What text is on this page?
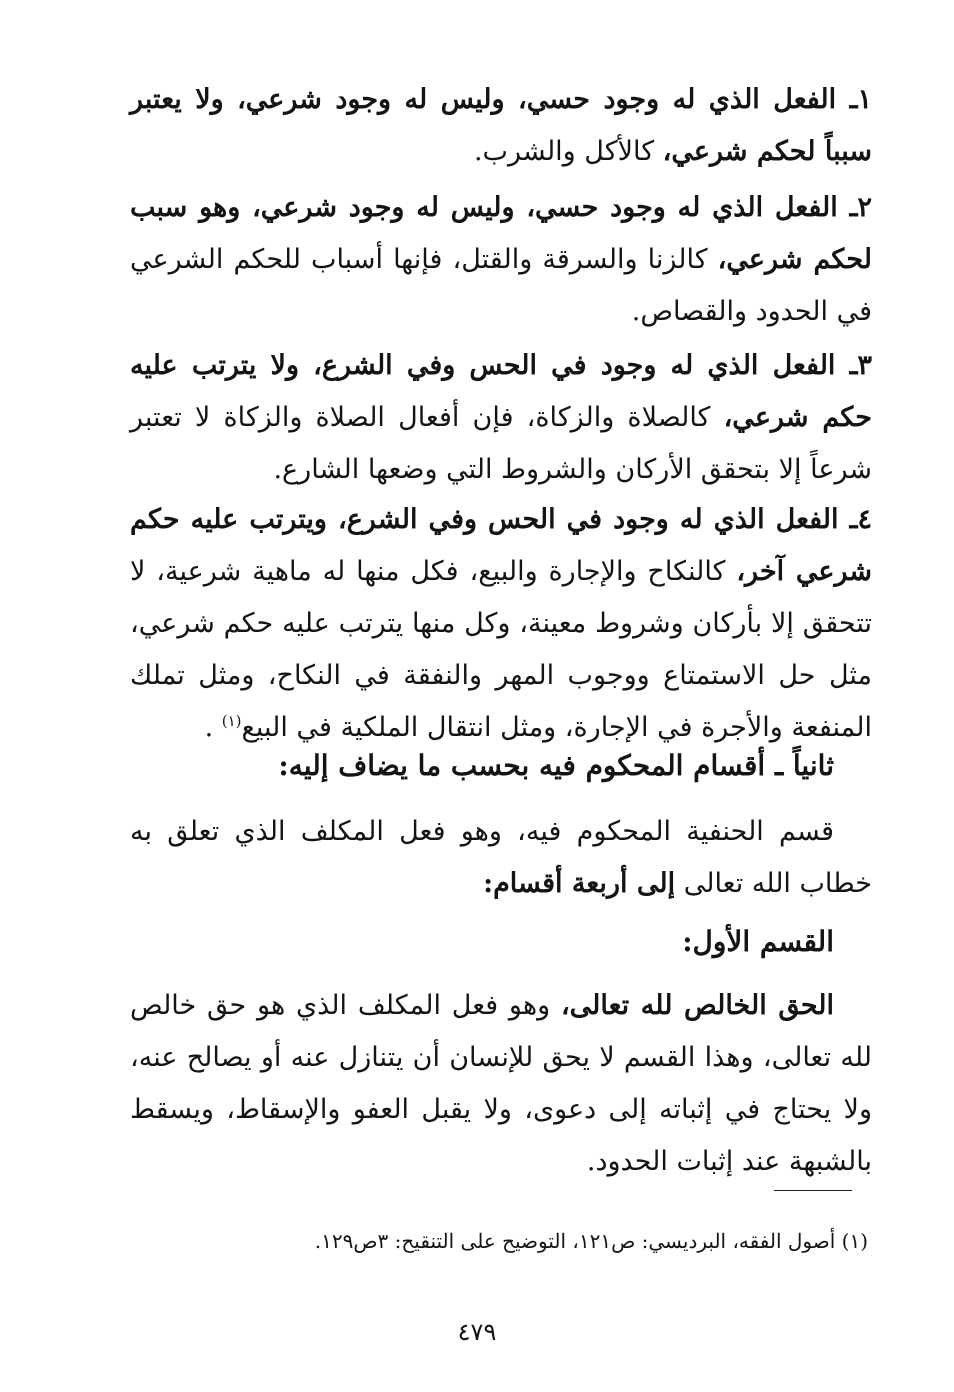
١ـ الفعل الذي له وجود حسي، وليس له وجود شرعي، ولا يعتبر سبباً لحكم شرعي، كالأكل والشرب.

٢ـ الفعل الذي له وجود حسي، وليس له وجود شرعي، وهو سبب لحكم شرعي، كالزنا والسرقة والقتل، فإنها أسباب للحكم الشرعي في الحدود والقصاص.

٣ـ الفعل الذي له وجود في الحس وفي الشرع، ولا يترتب عليه حكم شرعي، كالصلاة والزكاة، فإن أفعال الصلاة والزكاة لا تعتبر شرعاً إلا بتحقق الأركان والشروط التي وضعها الشارع.

٤ـ الفعل الذي له وجود في الحس وفي الشرع، ويترتب عليه حكم شرعي آخر، كالنكاح والإجارة والبيع، فكل منها له ماهية شرعية، لا تتحقق إلا بأركان وشروط معينة، وكل منها يترتب عليه حكم شرعي، مثل حل الاستمتاع ووجوب المهر والنفقة في النكاح، ومثل تملك المنفعة والأجرة في الإجارة، ومثل انتقال الملكية في البيع$^{(١)}$ .

ثانياً ـ أقسام المحكوم فيه بحسب ما يضاف إليه:

قسم الحنفية المحكوم فيه، وهو فعل المكلف الذي تعلق به خطاب الله تعالى إلى أربعة أقسام:

القسم الأول:

الحق الخالص لله تعالى، وهو فعل المكلف الذي هو حق خالص لله تعالى، وهذا القسم لا يحق للإنسان أن يتنازل عنه أو يصالح عنه، ولا يحتاج في إثباته إلى دعوى، ولا يقبل العفو والإسقاط، ويسقط بالشبهة عند إثبات الحدود.

(١) أصول الفقه، البرديسي: ص١٢١، التوضيح على التنقيح: ٣ص١٢٩.
٤٧٩
